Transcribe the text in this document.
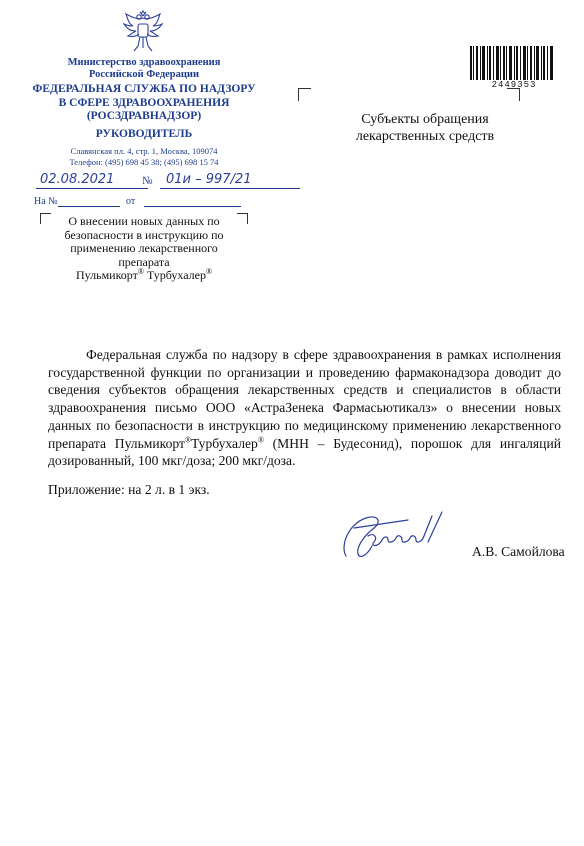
Министерство здравоохранения
Российской Федерации
ФЕДЕРАЛЬНАЯ СЛУЖБА ПО НАДЗОРУ
В СФЕРЕ ЗДРАВООХРАНЕНИЯ
(РОСЗДРАВНАДЗОР)
РУКОВОДИТЕЛЬ
Славянская пл. 4, стр. 1, Москва, 109074
Телефон: (495) 698 45 38; (495) 698 15 74
02.08.2021	№ 01и – 997/21
На №	от
О внесении новых данных по
безопасности в инструкцию по
применению лекарственного препарата
Пульмикорт® Турбухалер®
2449353
Субъекты обращения
лекарственных средств

Федеральная служба по надзору в сфере здравоохранения в рамках исполнения государственной функции по организации и проведению фармаконадзора доводит до сведения субъектов обращения лекарственных средств и специалистов в области здравоохранения письмо ООО «АстраЗенека Фармасьютикалз» о внесении новых данных по безопасности в инструкцию по медицинскому применению лекарственного препарата Пульмикорт®Турбухалер® (МНН – Будесонид), порошок для ингаляций дозированный, 100 мкг/доза; 200 мкг/доза.

Приложение: на 2 л. в 1 экз.
А.В. Самойлова
